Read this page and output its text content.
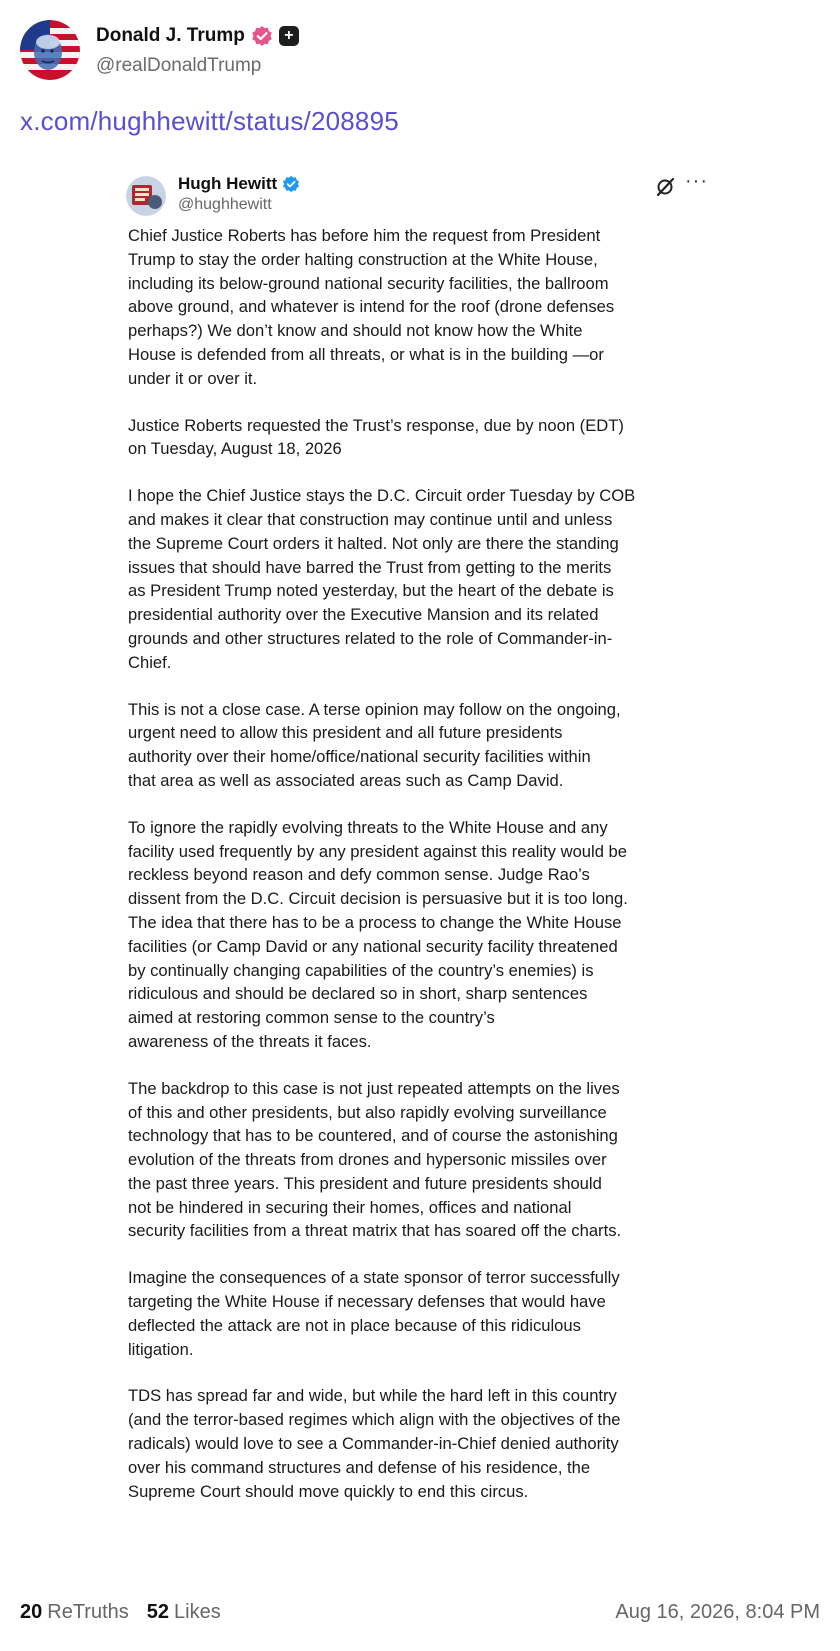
Donald J. Trump	+
@realDonaldTrump
x.com/hughhewitt/status/208895
Hugh Hewitt
@hughhewitt
···

Chief Justice Roberts has before him the request from President
Trump to stay the order halting construction at the White House,
including its below-ground national security facilities, the ballroom
above ground, and whatever is intend for the roof (drone defenses
perhaps?) We don’t know and should not know how the White
House is defended from all threats, or what is in the building —or
under it or over it.

Justice Roberts requested the Trust’s response, due by noon (EDT)
on Tuesday, August 18, 2026

I hope the Chief Justice stays the D.C. Circuit order Tuesday by COB
and makes it clear that construction may continue until and unless
the Supreme Court orders it halted. Not only are there the standing
issues that should have barred the Trust from getting to the merits
as President Trump noted yesterday, but the heart of the debate is
presidential authority over the Executive Mansion and its related
grounds and other structures related to the role of Commander-in-
Chief.

This is not a close case. A terse opinion may follow on the ongoing,
urgent need to allow this president and all future presidents
authority over their home/office/national security facilities within
that area as well as associated areas such as Camp David.

To ignore the rapidly evolving threats to the White House and any
facility used frequently by any president against this reality would be
reckless beyond reason and defy common sense. Judge Rao’s
dissent from the D.C. Circuit decision is persuasive but it is too long.
The idea that there has to be a process to change the White House
facilities (or Camp David or any national security facility threatened
by continually changing capabilities of the country’s enemies) is
ridiculous and should be declared so in short, sharp sentences
aimed at restoring common sense to the country’s
awareness of the threats it faces.

The backdrop to this case is not just repeated attempts on the lives
of this and other presidents, but also rapidly evolving surveillance
technology that has to be countered, and of course the astonishing
evolution of the threats from drones and hypersonic missiles over
the past three years. This president and future presidents should
not be hindered in securing their homes, offices and national
security facilities from a threat matrix that has soared off the charts.

Imagine the consequences of a state sponsor of terror successfully
targeting the White House if necessary defenses that would have
deflected the attack are not in place because of this ridiculous
litigation.

TDS has spread far and wide, but while the hard left in this country
(and the terror-based regimes which align with the objectives of the
radicals) would love to see a Commander-in-Chief denied authority
over his command structures and defense of his residence, the
Supreme Court should move quickly to end this circus.

20 ReTruths 52 Likes	Aug 16, 2026, 8:04 PM
